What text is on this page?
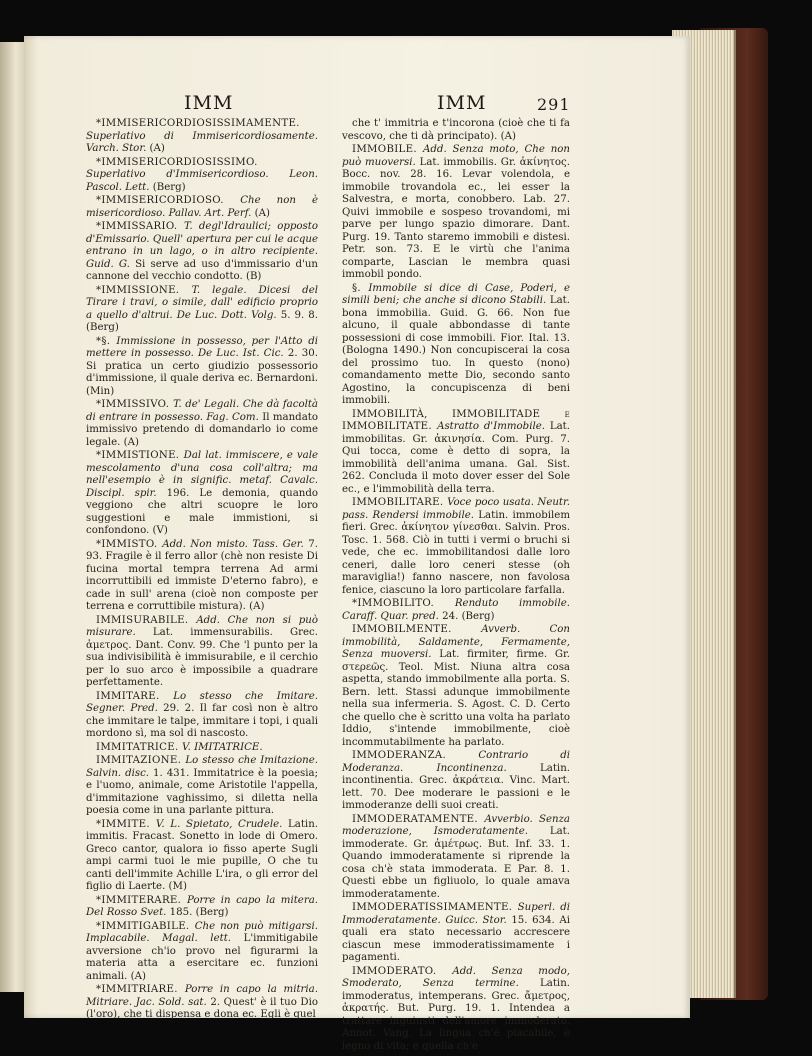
IMM	IMM	291

*IMMISERICORDIOSISSIMAMENTE. Superlativo di Immisericordiosamente. Varch. Stor. (A)

*IMMISERICORDIOSISSIMO. Superlativo d'Immisericordioso. Leon. Pascol. Lett. (Berg)

*IMMISERICORDIOSO. Che non è misericordioso. Pallav. Art. Perf. (A)

*IMMISSARIO. T. degl'Idraulici; opposto d'Emissario. Quell' apertura per cui le acque entrano in un lago, o in altro recipiente. Guid. G. Si serve ad uso d'immissario d'un cannone del vecchio condotto. (B)

*IMMISSIONE. T. legale. Dicesi del Tirare i travi, o simile, dall' edificio proprio a quello d'altrui. De Luc. Dott. Volg. 5. 9. 8. (Berg)

*§. Immissione in possesso, per l'Atto di mettere in possesso. De Luc. Ist. Cic. 2. 30. Si pratica un certo giudizio possessorio d'immissione, il quale deriva ec. Bernardoni. (Min)

*IMMISSIVO. T. de' Legali. Che dà facoltà di entrare in possesso. Fag. Com. Il mandato immissivo pretendo di domandarlo io come legale. (A)

*IMMISTIONE. Dal lat. immiscere, e vale mescolamento d'una cosa coll'altra; ma nell'esempio è in signific. metaf. Cavalc. Discipl. spir. 196. Le demonia, quando veggiono che altri scuopre le loro suggestioni e male immistioni, si confondono. (V)

*IMMISTO. Add. Non misto. Tass. Ger. 7. 93. Fragile è il ferro allor (chè non resiste Di fucina mortal tempra terrena Ad armi incorruttibili ed immiste D'eterno fabro), e cade in sull' arena (cioè non composte per terrena e corruttibile mistura). (A)

IMMISURABILE. Add. Che non si può misurare. Lat. immensurabilis. Grec. ἀμετρος. Dant. Conv. 99. Che 'l punto per la sua indivisibilità è immisurabile, e il cerchio per lo suo arco è impossibile a quadrare perfettamente.

IMMITARE. Lo stesso che Imitare. Segner. Pred. 29. 2. Il far così non è altro che immitare le talpe, immitare i topi, i quali mordono sì, ma sol di nascosto.

IMMITATRICE. V. IMITATRICE.

IMMITAZIONE. Lo stesso che Imitazione. Salvin. disc. 1. 431. Immitatrice è la poesia; e l'uomo, animale, come Aristotile l'appella, d'immitazione vaghissimo, si diletta nella poesia come in una parlante pittura.

*IMMITE. V. L. Spietato, Crudele. Latin. immitis. Fracast. Sonetto in lode di Omero. Greco cantor, qualora io fisso aperte Sugli ampi carmi tuoi le mie pupille, O che tu canti dell'immite Achille L'ira, o gli error del figlio di Laerte. (M)

*IMMITERARE. Porre in capo la mitera. Del Rosso Svet. 185. (Berg)

*IMMITIGABILE. Che non può mitigarsi. Implacabile. Magal. lett. L'immitigabile avversione ch'io provo nel figurarmi la materia atta a esercitare ec. funzioni animali. (A)

*IMMITRIARE. Porre in capo la mitria. Mitriare. Jac. Sold. sat. 2. Quest' è il tuo Dio (l'oro), che ti dispensa e dona ec. Egli è quel

che t' immitria e t'incorona (cioè che ti fa vescovo, che ti dà principato). (A)

IMMOBILE. Add. Senza moto, Che non può muoversi. Lat. immobilis. Gr. ἀκίνητος. Bocc. nov. 28. 16. Levar volendola, e immobile trovandola ec., lei esser la Salvestra, e morta, conobbero. Lab. 27. Quivi immobile e sospeso trovandomi, mi parve per lungo spazio dimorare. Dant. Purg. 19. Tanto staremo immobili e distesi. Petr. son. 73. E le virtù che l'anima comparte, Lascian le membra quasi immobil pondo.

§. Immobile si dice di Case, Poderi, e simili beni; che anche si dicono Stabili. Lat. bona immobilia. Guid. G. 66. Non fue alcuno, il quale abbondasse di tante possessioni di cose immobili. Fior. Ital. 13. (Bologna 1490.) Non concupiscerai la cosa del prossimo tuo. In questo (nono) comandamento mette Dio, secondo santo Agostino, la concupiscenza di beni immobili.

IMMOBILITÀ, IMMOBILITADE e IMMOBILITATE. Astratto d'Immobile. Lat. immobilitas. Gr. ἀκινησία. Com. Purg. 7. Qui tocca, come è detto di sopra, la immobilità dell'anima umana. Gal. Sist. 262. Concluda il moto dover esser del Sole ec., e l'immobilità della terra.

IMMOBILITARE. Voce poco usata. Neutr. pass. Rendersi immobile. Latin. immobilem fieri. Grec. ἀκίνητον γίνεσθαι. Salvin. Pros. Tosc. 1. 568. Ciò in tutti i vermi o bruchi si vede, che ec. immobilitandosi dalle loro ceneri, dalle loro ceneri stesse (oh maraviglia!) fanno nascere, non favolosa fenice, ciascuno la loro particolare farfalla.

*IMMOBILITO. Renduto immobile. Caraff. Quar. pred. 24. (Berg)

IMMOBILMENTE. Avverb. Con immobilità, Saldamente, Fermamente, Senza muoversi. Lat. firmiter, firme. Gr. στερεῶς. Teol. Mist. Niuna altra cosa aspetta, stando immobilmente alla porta. S. Bern. lett. Stassi adunque immobilmente nella sua infermeria. S. Agost. C. D. Certo che quello che è scritto una volta ha parlato Iddio, s'intende immobilmente, cioè incommutabilmente ha parlato.

IMMODERANZA. Contrario di Moderanza. Incontinenza. Latin. incontinentia. Grec. ἀκράτεια. Vinc. Mart. lett. 70. Dee moderare le passioni e le immoderanze delli suoi creati.

IMMODERATAMENTE. Avverbio. Senza moderazione, Ismoderatamente. Lat. immoderate. Gr. ἀμέτρως. But. Inf. 33. 1. Quando immoderatamente si riprende la cosa ch'è stata immoderata. E Par. 8. 1. Questi ebbe un figliuolo, lo quale amava immoderatamente.

IMMODERATISSIMAMENTE. Superl. di Immoderatamente. Guicc. Stor. 15. 634. Ai quali era stato necessario accrescere ciascun mese immoderatissimamente i pagamenti.

IMMODERATO. Add. Senza modo, Smoderato, Senza termine. Latin. immoderatus, intemperans. Grec. ἄμετρος, ἀκρατής. But. Purg. 19. 1. Intendea a trattare inguiusti dell'amore immoderato. Annot. Vang. La lingua ch'è placabile, è legno di vita; e quella ch'è
